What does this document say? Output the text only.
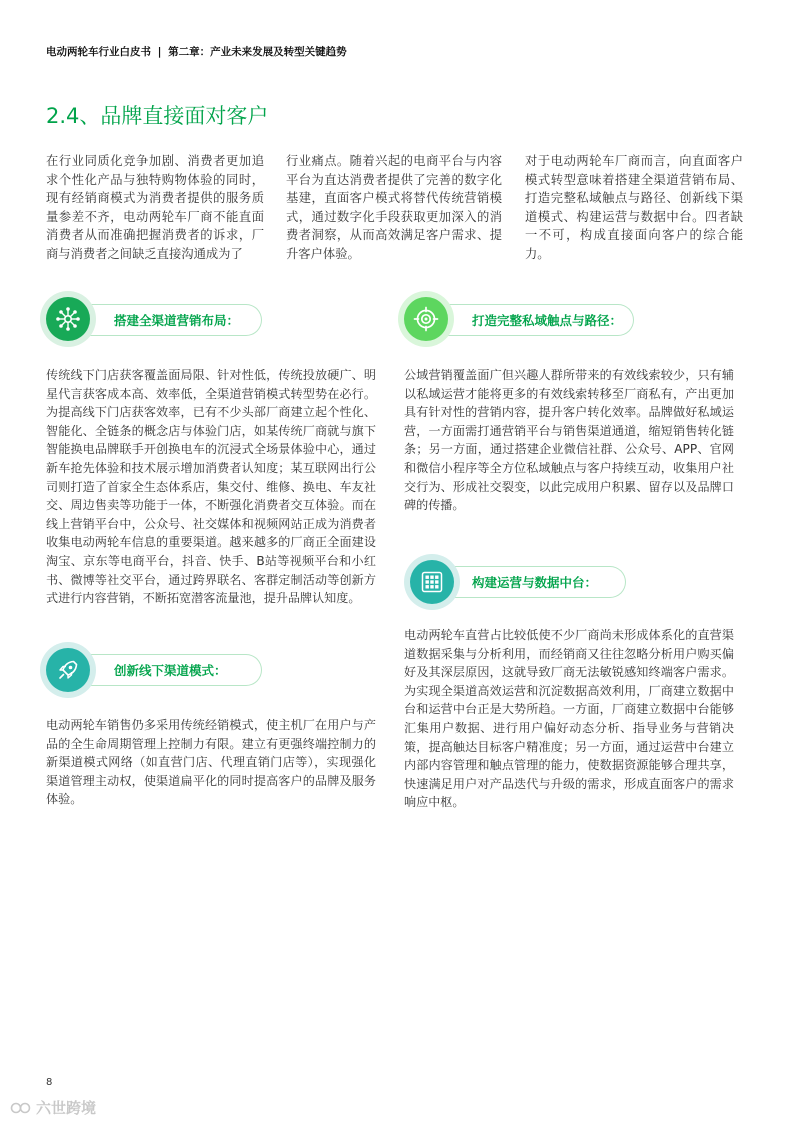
电动两轮车行业白皮书 | 第二章：产业未来发展及转型关键趋势
2.4、品牌直接面对客户
在行业同质化竞争加剧、消费者更加追求个性化产品与独特购物体验的同时，现有经销商模式为消费者提供的服务质量参差不齐，电动两轮车厂商不能直面消费者从而准确把握消费者的诉求，厂商与消费者之间缺乏直接沟通成为了
行业痛点。随着兴起的电商平台与内容平台为直达消费者提供了完善的数字化基建，直面客户模式将替代传统营销模式，通过数字化手段获取更加深入的消费者洞察，从而高效满足客户需求、提升客户体验。
对于电动两轮车厂商而言，向直面客户模式转型意味着搭建全渠道营销布局、打造完整私域触点与路径、创新线下渠道模式、构建运营与数据中台。四者缺一不可，构成直接面向客户的综合能力。
搭建全渠道营销布局：
传统线下门店获客覆盖面局限、针对性低，传统投放硬广、明星代言获客成本高、效率低，全渠道营销模式转型势在必行。为提高线下门店获客效率，已有不少头部厂商建立起个性化、智能化、全链条的概念店与体验门店，如某传统厂商就与旗下智能换电品牌联手开创换电车的沉浸式全场景体验中心，通过新车抢先体验和技术展示增加消费者认知度；某互联网出行公司则打造了首家全生态体系店，集交付、维修、换电、车友社交、周边售卖等功能于一体，不断强化消费者交互体验。而在线上营销平台中，公众号、社交媒体和视频网站正成为消费者收集电动两轮车信息的重要渠道。越来越多的厂商正全面建设淘宝、京东等电商平台，抖音、快手、B站等视频平台和小红书、微博等社交平台，通过跨界联名、客群定制活动等创新方式进行内容营销，不断拓宽潜客流量池，提升品牌认知度。
创新线下渠道模式：
电动两轮车销售仍多采用传统经销模式，使主机厂在用户与产品的全生命周期管理上控制力有限。建立有更强终端控制力的新渠道模式网络（如直营门店、代理直销门店等），实现强化渠道管理主动权，使渠道扁平化的同时提高客户的品牌及服务体验。
打造完整私域触点与路径：
公域营销覆盖面广但兴趣人群所带来的有效线索较少，只有辅以私域运营才能将更多的有效线索转移至厂商私有，产出更加具有针对性的营销内容，提升客户转化效率。品牌做好私域运营，一方面需打通营销平台与销售渠道通道，缩短销售转化链条；另一方面，通过搭建企业微信社群、公众号、APP、官网和微信小程序等全方位私域触点与客户持续互动，收集用户社交行为、形成社交裂变，以此完成用户积累、留存以及品牌口碑的传播。
构建运营与数据中台：
电动两轮车直营占比较低使不少厂商尚未形成体系化的直营渠道数据采集与分析利用，而经销商又往往忽略分析用户购买偏好及其深层原因，这就导致厂商无法敏锐感知终端客户需求。为实现全渠道高效运营和沉淀数据高效利用，厂商建立数据中台和运营中台正是大势所趋。一方面，厂商建立数据中台能够汇集用户数据、进行用户偏好动态分析、指导业务与营销决策，提高触达目标客户精准度；另一方面，通过运营中台建立内部内容管理和触点管理的能力，使数据资源能够合理共享，快速满足用户对产品迭代与升级的需求，形成直面客户的需求响应中枢。
8
六世跨境
